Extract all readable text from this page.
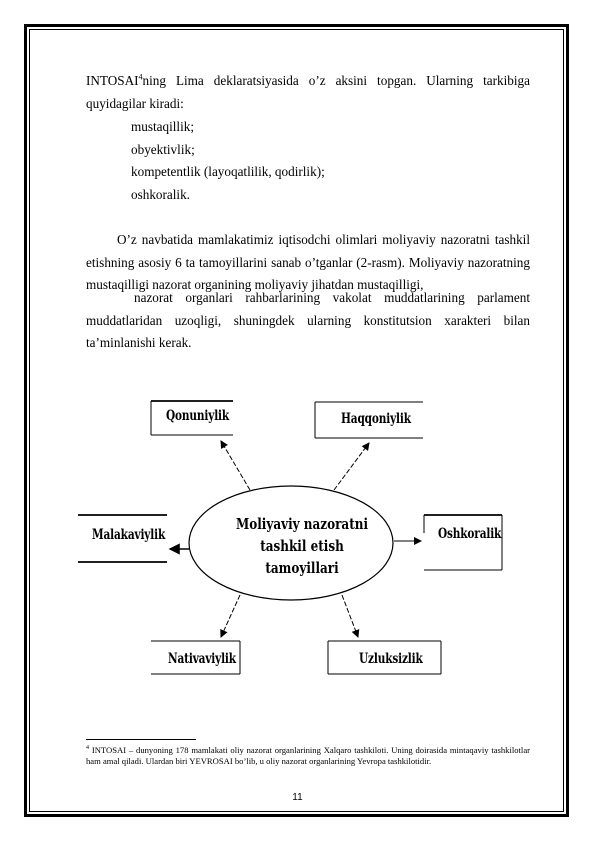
INTOSAI$^4$ning Lima deklaratsiyasida o’z aksini topgan. Ularning tarkibiga quyidagilar kiradi:
mustaqillik;
obyektivlik;
kompetentlik (layoqatlilik, qodirlik);
oshkoralik.
O’z navbatida mamlakatimiz iqtisodchi olimlari moliyaviy nazoratni tashkil etishning asosiy 6 ta tamoyillarini sanab o’tganlar (2-rasm). Moliyaviy nazoratning mustaqilligi nazorat organining moliyaviy jihatdan mustaqilligi,
nazorat organlari rahbarlarining vakolat muddatlarining parlament muddatlaridan uzoqligi, shuningdek ularning konstitutsion xarakteri bilan ta’minlanishi kerak.
Moliyaviy nazoratni
tashkil etish tamoyillari
Qonuniylik	Haqqoniylik
Malakaviylik	Oshkoralik
Nativaviylik	Uzluksizlik
$^4$ INTOSAI – dunyoning 178 mamlakati oliy nazorat organlarining Xalqaro tashkiloti. Uning doirasida mintaqaviy tashkilotlar ham amal qiladi. Ulardan biri YEVROSAI bo’lib, u oliy nazorat organlarining Yevropa tashkilotidir.
11
